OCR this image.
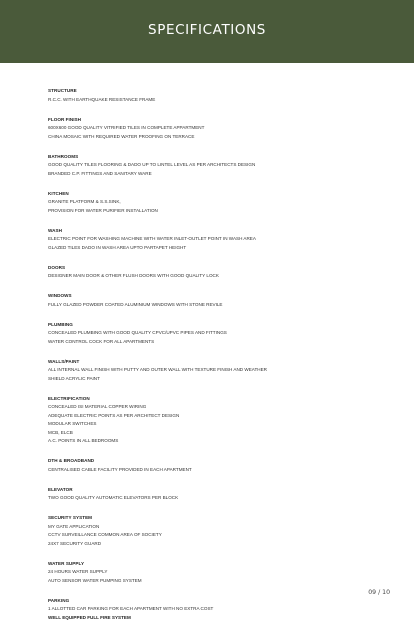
SPECIFICATIONS
STRUCTURE
R.C.C. WITH EARTHQUAKE RESISTANCE FRAME
FLOOR FINISH
600X600 GOOD QUALITY VITRIFIED TILES IN COMPLETE APPARTMENT
CHINA MOSAIC WITH REQUIRED WATER PROOFING ON TERRACE
BATHROOMS
GOOD QUALITY TILES FLOORING & DADO UP TO LINTEL LEVEL AS PER ARCHITECTS DESIGN
BRANDED C.P. FITTINGS AND SANITARY WARE
KITCHEN
GRANITE PLATFORM & S.S.SINK,
PROVISION FOR WATER PURIFIER INSTALLATION
WASH
ELECTRIC POINT FOR WASHING MACHINE WITH WATER INLET-OUTLET POINT IN WASH AREA
GLAZED TILES DADO IN WASH AREA UPTO PARTAPET HEIGHT
DOORS
DESIGNER MAIN DOOR & OTHER FLUSH DOORS WITH GOOD QUALITY LOCK
WINDOWS
FULLY GLAZED POWDER COATED ALUMINIUM WINDOWS WITH STONE REVILE
PLUMBING
CONCEALED PLUMBING WITH GOOD QUALITY CPVC/UPVC PIPES AND FITTINGS
WATER CONTROL COCK FOR ALL APARTMENTS
WALLS/PAINT
ALL INTERNAL WALL FINISH WITH PUTTY AND OUTER WALL WITH TEXTURE FINISH AND WEATHER
SHIELD ACRYLIC PAINT
ELECTRIFICATION
CONCEALED ISI MATERIAL COPPER WIRING
ADEQUATE ELECTRIC POINTS AS PER ARCHITECT DESIGN
MODULAR SWITCHES
MCB, ELCB
A.C. POINTS IN ALL BEDROOMS
DTH & BROADBAND
CENTRALISED CABLE FACILITY PROVIDED IN EACH APARTMENT
ELEVATOR
TWO GOOD QUALITY AUTOMATIC ELEVATORS PER BLOCK
SECURITY SYSTEM
MY GATE APPLICATION
CCTV SURVEILLANCE COMMON AREA OF SOCIETY
24X7 SECURITY GUARD
WATER SUPPLY
24 HOURS WATER SUPPLY
AUTO SENSOR WATER PUMPING SYSTEM
PARKING
1 ALLOTTED CAR PARKING FOR EACH APARTMENT WITH NO EXTRA COST
WELL EQUIPPED FULL FIRE SYSTEM
09 / 10
